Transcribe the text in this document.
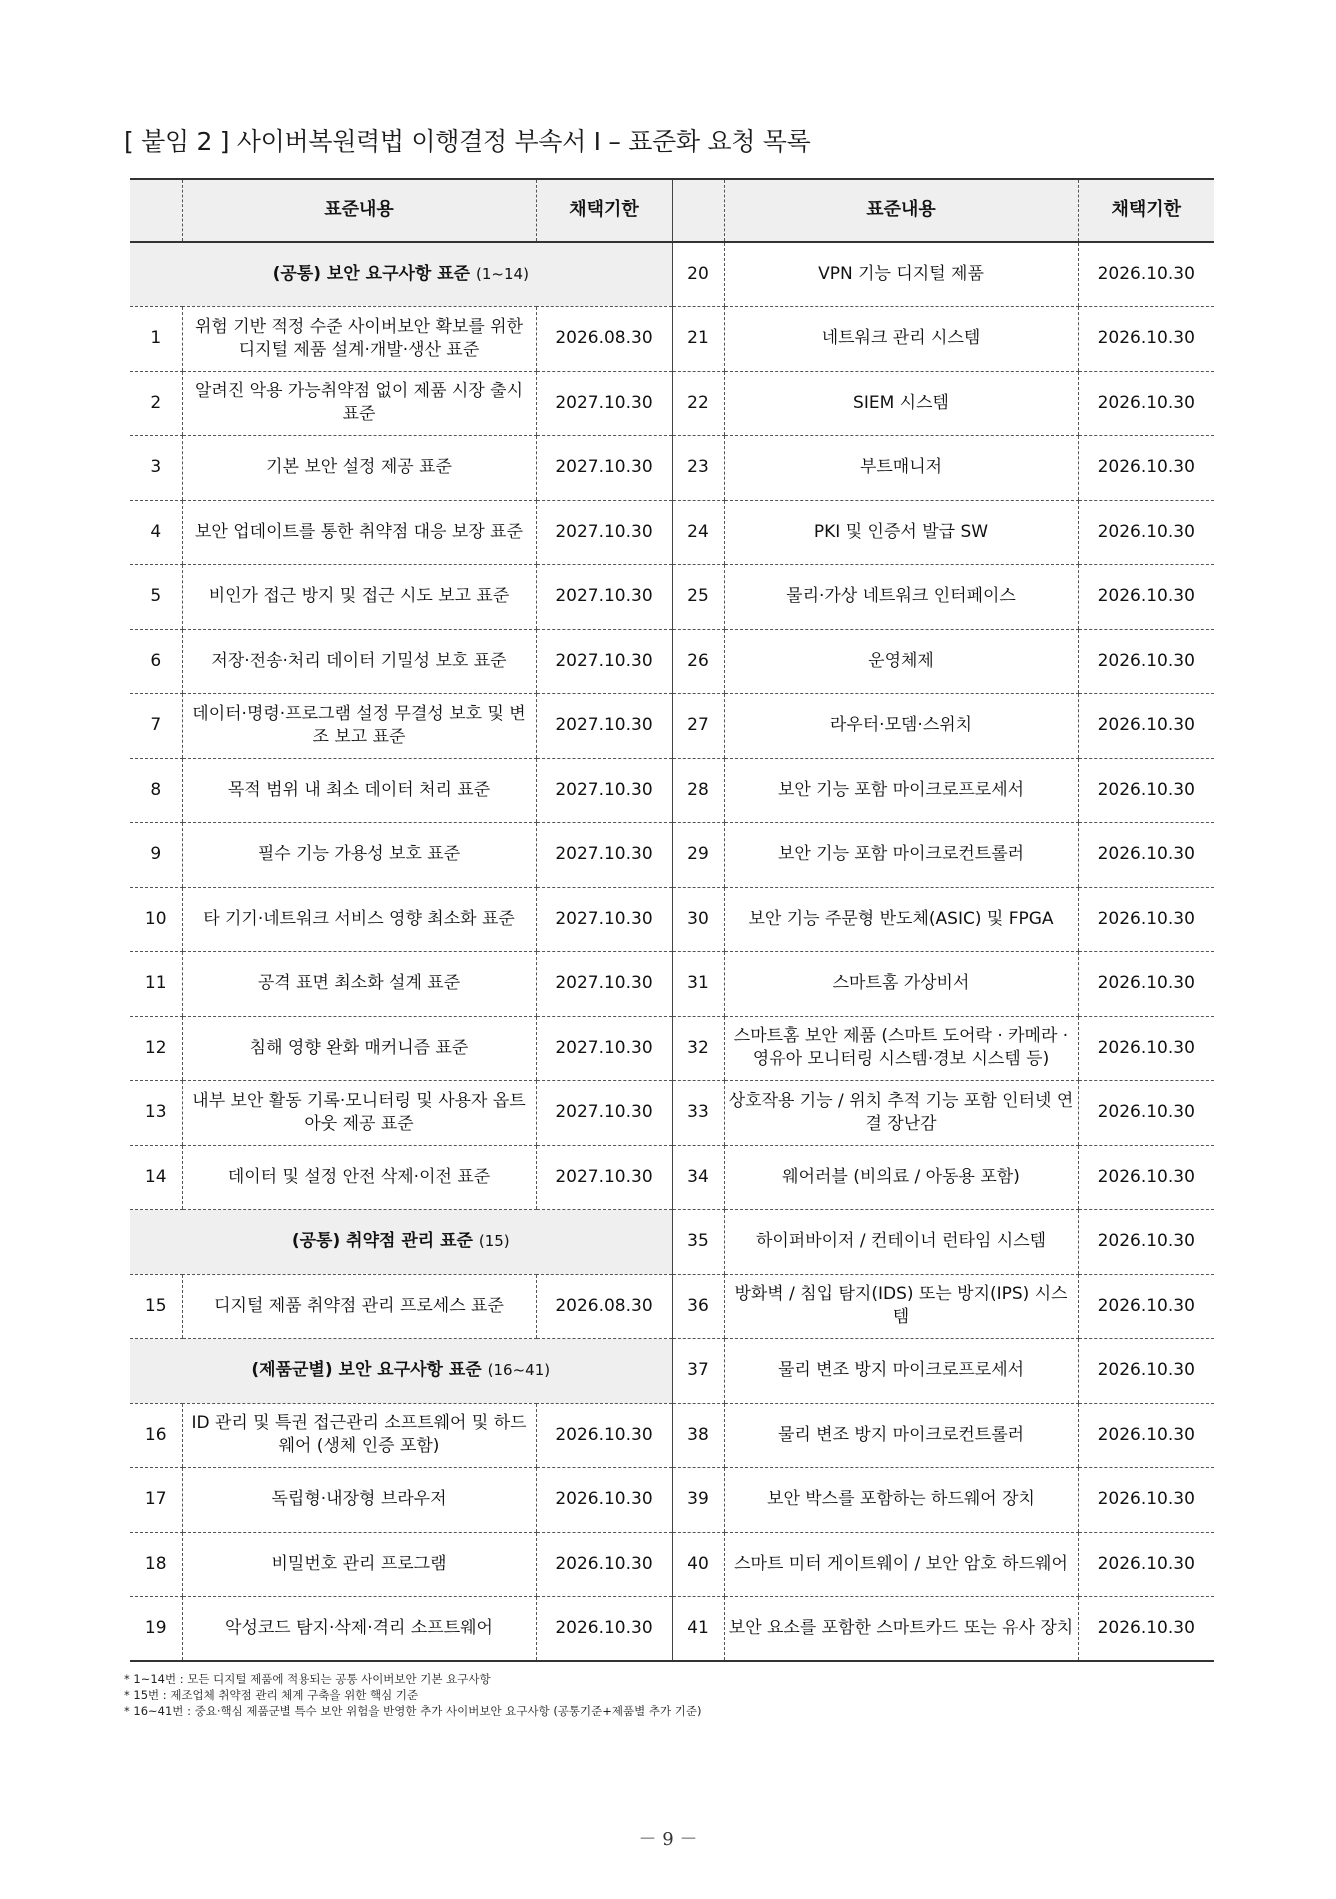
[ 붙임 2 ] 사이버복원력법 이행결정 부속서 I – 표준화 요청 목록
	표준내용	채택기한		표준내용	채택기한
(공통) 보안 요구사항 표준 (1~14)			20	VPN 기능 디지털 제품	2026.10.30
1	위험 기반 적정 수준 사이버보안 확보를 위한 디지털 제품 설계·개발·생산 표준	2026.08.30	21	네트워크 관리 시스템	2026.10.30
2	알려진 악용 가능취약점 없이 제품 시장 출시 표준	2027.10.30	22	SIEM 시스템	2026.10.30
3	기본 보안 설정 제공 표준	2027.10.30	23	부트매니저	2026.10.30
4	보안 업데이트를 통한 취약점 대응 보장 표준	2027.10.30	24	PKI 및 인증서 발급 SW	2026.10.30
5	비인가 접근 방지 및 접근 시도 보고 표준	2027.10.30	25	물리·가상 네트워크 인터페이스	2026.10.30
6	저장·전송·처리 데이터 기밀성 보호 표준	2027.10.30	26	운영체제	2026.10.30
7	데이터·명령·프로그램 설정 무결성 보호 및 변조 보고 표준	2027.10.30	27	라우터·모뎀·스위치	2026.10.30
8	목적 범위 내 최소 데이터 처리 표준	2027.10.30	28	보안 기능 포함 마이크로프로세서	2026.10.30
9	필수 기능 가용성 보호 표준	2027.10.30	29	보안 기능 포함 마이크로컨트롤러	2026.10.30
10	타 기기·네트워크 서비스 영향 최소화 표준	2027.10.30	30	보안 기능 주문형 반도체(ASIC) 및 FPGA	2026.10.30
11	공격 표면 최소화 설계 표준	2027.10.30	31	스마트홈 가상비서	2026.10.30
12	침해 영향 완화 매커니즘 표준	2027.10.30	32	스마트홈 보안 제품 (스마트 도어락 · 카메라 · 영유아 모니터링 시스템·경보 시스템 등)	2026.10.30
13	내부 보안 활동 기록·모니터링 및 사용자 옵트아웃 제공 표준	2027.10.30	33	상호작용 기능 / 위치 추적 기능 포함 인터넷 연결 장난감	2026.10.30
14	데이터 및 설정 안전 삭제·이전 표준	2027.10.30	34	웨어러블 (비의료 / 아동용 포함)	2026.10.30
(공통) 취약점 관리 표준 (15)			35	하이퍼바이저 / 컨테이너 런타임 시스템	2026.10.30
15	디지털 제품 취약점 관리 프로세스 표준	2026.08.30	36	방화벽 / 침입 탐지(IDS) 또는 방지(IPS) 시스템	2026.10.30
(제품군별) 보안 요구사항 표준 (16~41)			37	물리 변조 방지 마이크로프로세서	2026.10.30
16	ID 관리 및 특권 접근관리 소프트웨어 및 하드웨어 (생체 인증 포함)	2026.10.30	38	물리 변조 방지 마이크로컨트롤러	2026.10.30
17	독립형·내장형 브라우저	2026.10.30	39	보안 박스를 포함하는 하드웨어 장치	2026.10.30
18	비밀번호 관리 프로그램	2026.10.30	40	스마트 미터 게이트웨이 / 보안 암호 하드웨어	2026.10.30
19	악성코드 탐지·삭제·격리 소프트웨어	2026.10.30	41	보안 요소를 포함한 스마트카드 또는 유사 장치	2026.10.30
* 1~14번 : 모든 디지털 제품에 적용되는 공통 사이버보안 기본 요구사항
* 15번 : 제조업체 취약점 관리 체계 구축을 위한 핵심 기준
* 16~41번 : 중요·핵심 제품군별 특수 보안 위험을 반영한 추가 사이버보안 요구사항 (공통기준+제품별 추가 기준)
－ 9 －
